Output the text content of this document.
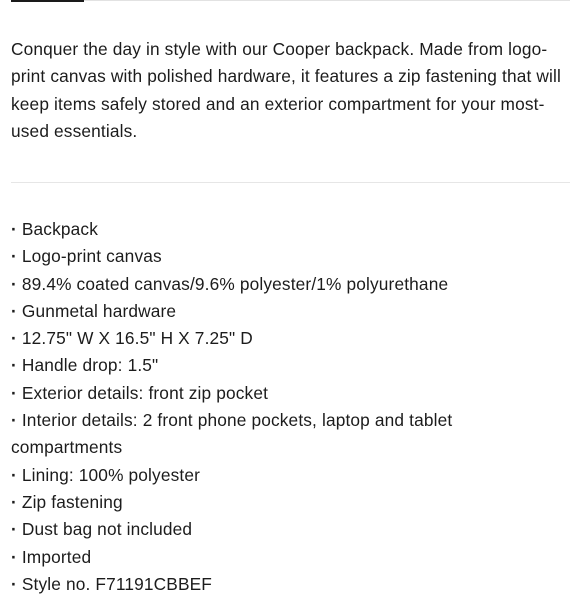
Conquer the day in style with our Cooper backpack. Made from logo-print canvas with polished hardware, it features a zip fastening that will keep items safely stored and an exterior compartment for your most-used essentials.

· Backpack
· Logo-print canvas
· 89.4% coated canvas/9.6% polyester/1% polyurethane
· Gunmetal hardware
· 12.75" W X 16.5" H X 7.25" D
· Handle drop: 1.5"
· Exterior details: front zip pocket
· Interior details: 2 front phone pockets, laptop and tablet compartments
· Lining: 100% polyester
· Zip fastening
· Dust bag not included
· Imported
· Style no. F71191CBBEF
